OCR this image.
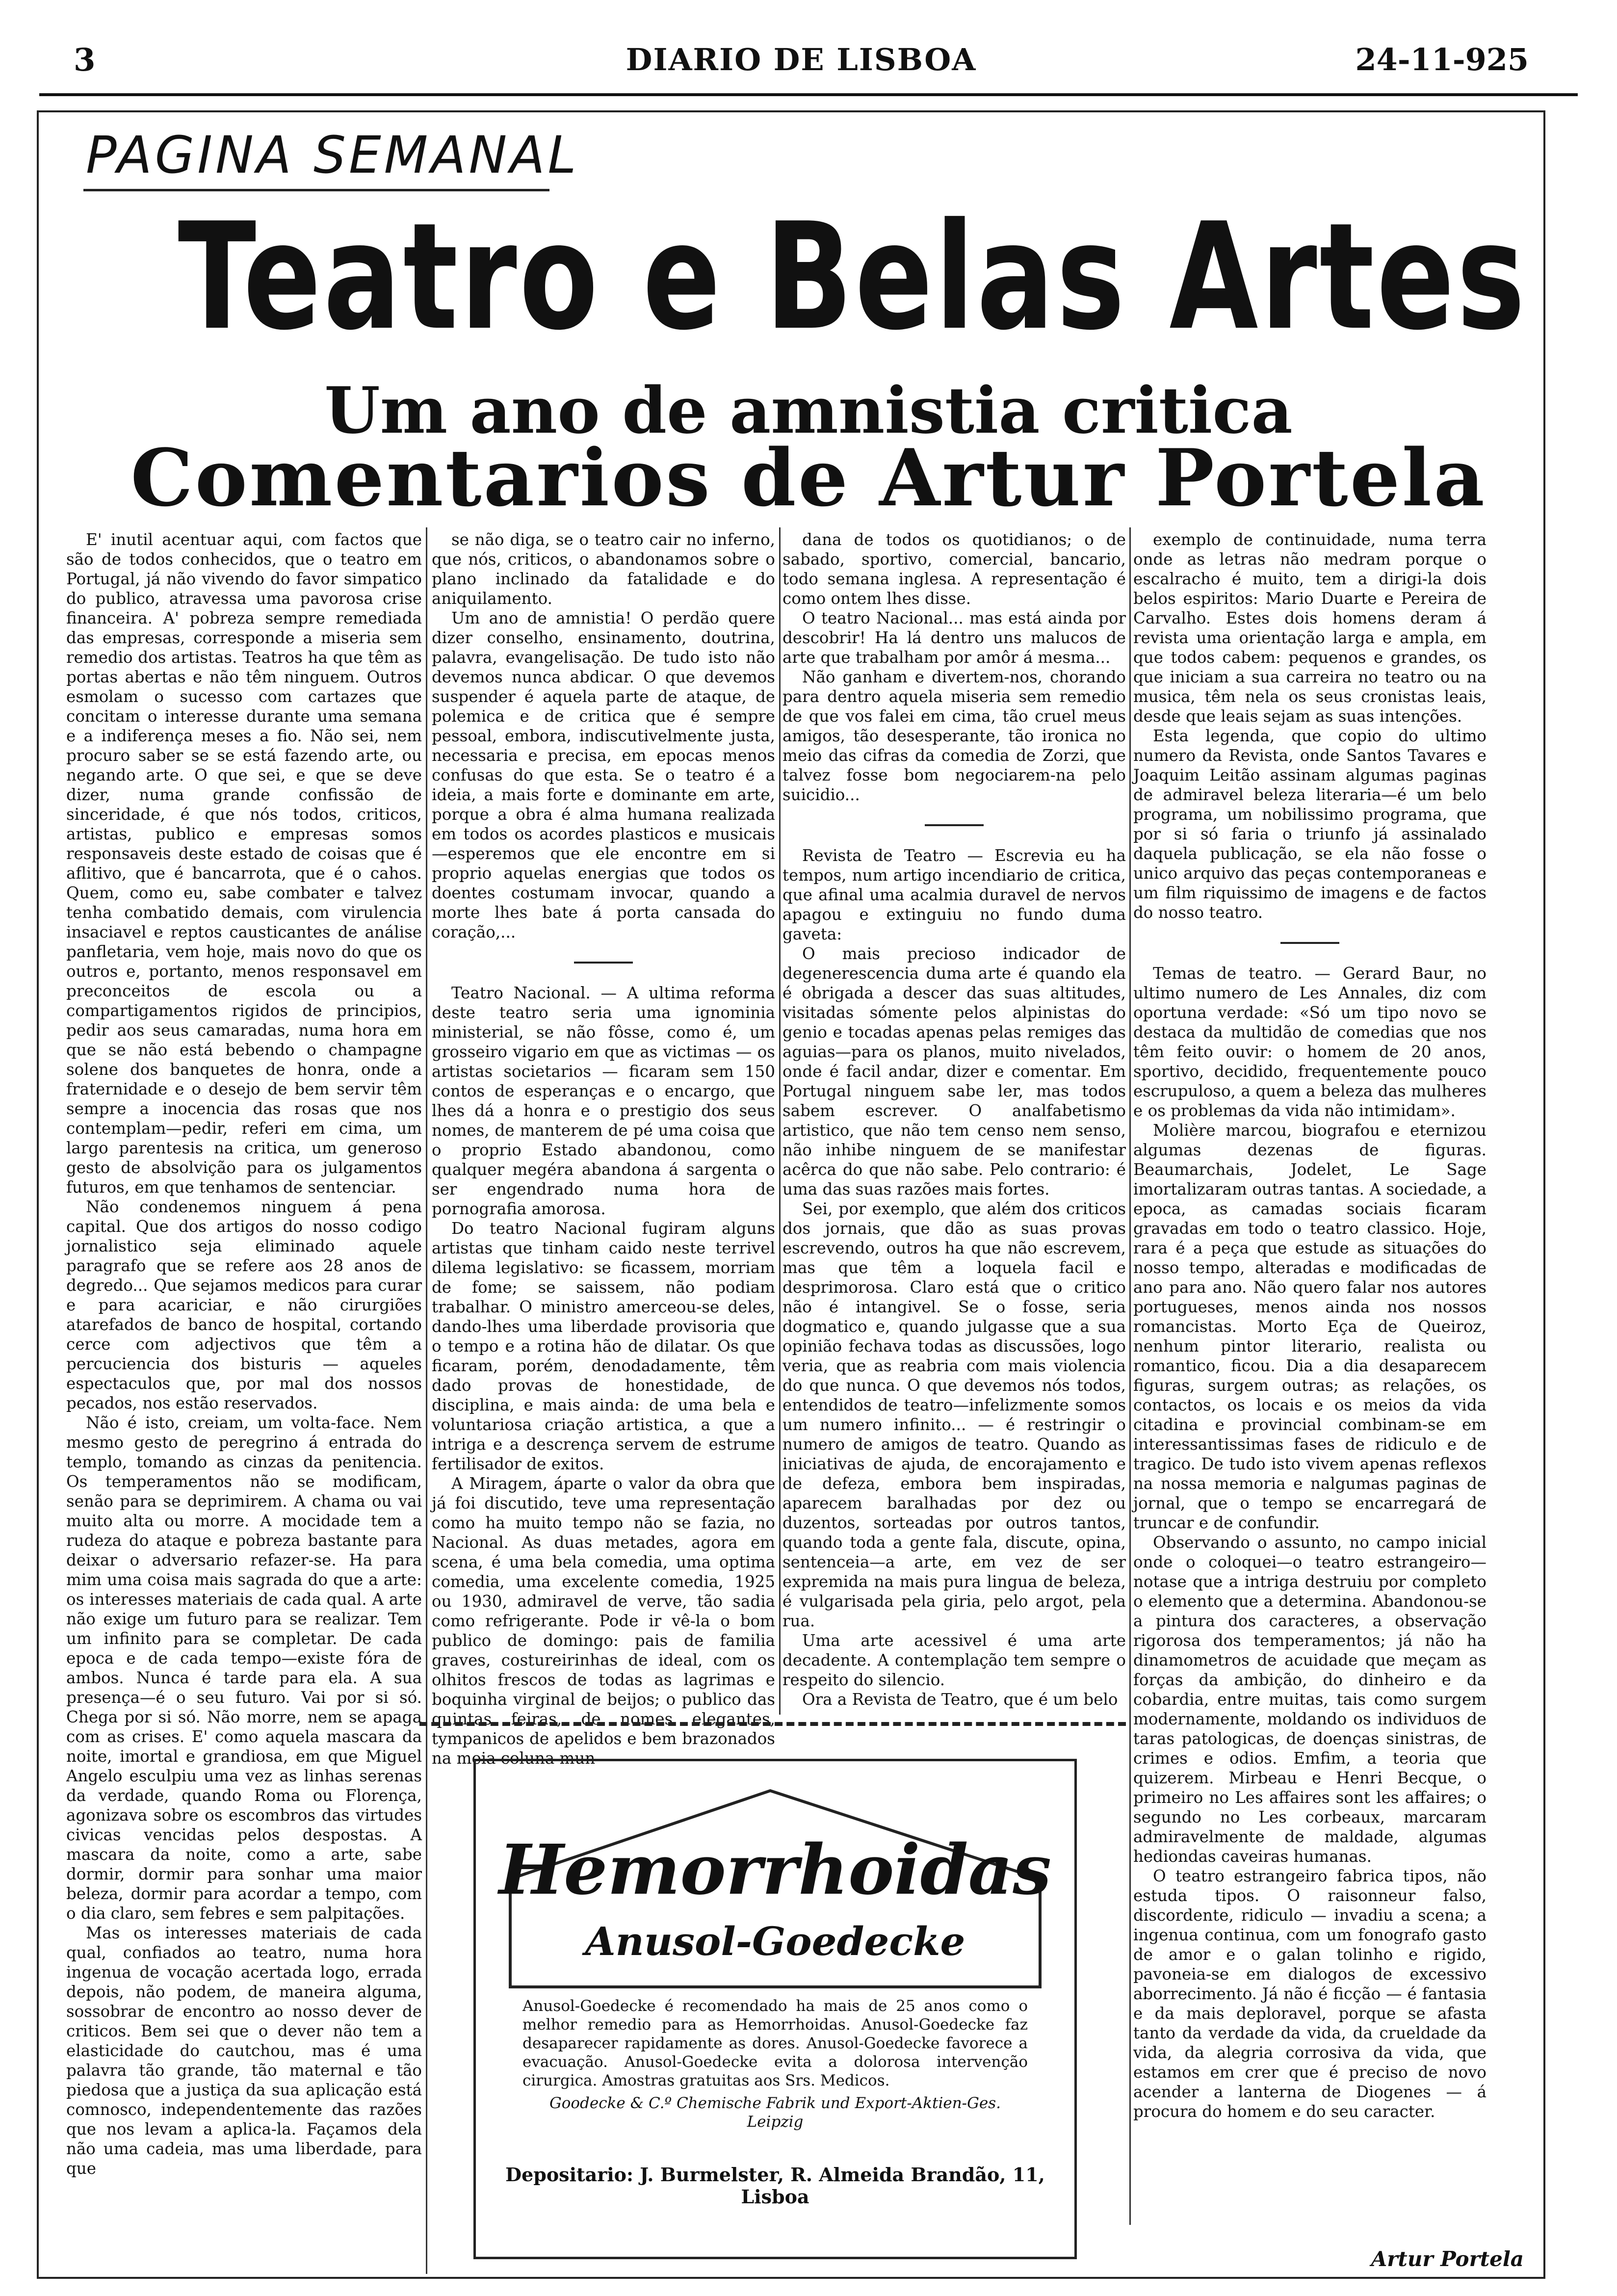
3	DIARIO DE LISBOA	24-11-925
PAGINA SEMANAL
Teatro e Belas Artes
Um ano de amnistia critica
Comentarios de Artur Portela

E' inutil acentuar aqui, com factos que são de todos conhecidos, que o teatro em Portugal, já não vivendo do favor simpatico do publico, atravessa uma pavorosa crise financeira. A' pobreza sempre remediada das empresas, corresponde a miseria sem remedio dos artistas. Teatros ha que têm as portas abertas e não têm ninguem. Outros esmolam o sucesso com cartazes que concitam o interesse durante uma semana e a indiferença meses a fio. Não sei, nem procuro saber se se está fazendo arte, ou negando arte. O que sei, e que se deve dizer, numa grande confissão de sinceridade, é que nós todos, criticos, artistas, publico e empresas somos responsaveis deste estado de coisas que é aflitivo, que é bancarrota, que é o cahos. Quem, como eu, sabe combater e talvez tenha combatido demais, com virulencia insaciavel e reptos causticantes de análise panfletaria, vem hoje, mais novo do que os outros e, portanto, menos responsavel em preconceitos de escola ou a compartigamentos rigidos de principios, pedir aos seus camaradas, numa hora em que se não está bebendo o champagne solene dos banquetes de honra, onde a fraternidade e o desejo de bem servir têm sempre a inocencia das rosas que nos contemplam—pedir, referi em cima, um largo parentesis na critica, um generoso gesto de absolvição para os julgamentos futuros, em que tenhamos de sentenciar.

Não condenemos ninguem á pena capital. Que dos artigos do nosso codigo jornalistico seja eliminado aquele paragrafo que se refere aos 28 anos de degredo... Que sejamos medicos para curar e para acariciar, e não cirurgiões atarefados de banco de hospital, cortando cerce com adjectivos que têm a percuciencia dos bisturis — aqueles espectaculos que, por mal dos nossos pecados, nos estão reservados.

Não é isto, creiam, um volta-face. Nem mesmo gesto de peregrino á entrada do templo, tomando as cinzas da penitencia. Os temperamentos não se modificam, senão para se deprimirem. A chama ou vai muito alta ou morre. A mocidade tem a rudeza do ataque e pobreza bastante para deixar o adversario refazer-se. Ha para mim uma coisa mais sagrada do que a arte: os interesses materiais de cada qual. A arte não exige um futuro para se realizar. Tem um infinito para se completar. De cada epoca e de cada tempo—existe fóra de ambos. Nunca é tarde para ela. A sua presença—é o seu futuro. Vai por si só. Chega por si só. Não morre, nem se apaga com as crises. E' como aquela mascara da noite, imortal e grandiosa, em que Miguel Angelo esculpiu uma vez as linhas serenas da verdade, quando Roma ou Florença, agonizava sobre os escombros das virtudes civicas vencidas pelos despostas. A mascara da noite, como a arte, sabe dormir, dormir para sonhar uma maior beleza, dormir para acordar a tempo, com o dia claro, sem febres e sem palpitações.

Mas os interesses materiais de cada qual, confiados ao teatro, numa hora ingenua de vocação acertada logo, errada depois, não podem, de maneira alguma, sossobrar de encontro ao nosso dever de criticos. Bem sei que o dever não tem a elasticidade do cautchou, mas é uma palavra tão grande, tão maternal e tão piedosa que a justiça da sua aplicação está comnosco, independentemente das razões que nos levam a aplica-la. Façamos dela não uma cadeia, mas uma liberdade, para que

se não diga, se o teatro cair no inferno, que nós, criticos, o abandonamos sobre o plano inclinado da fatalidade e do aniquilamento.

Um ano de amnistia! O perdão quere dizer conselho, ensinamento, doutrina, palavra, evangelisação. De tudo isto não devemos nunca abdicar. O que devemos suspender é aquela parte de ataque, de polemica e de critica que é sempre pessoal, embora, indiscutivelmente justa, necessaria e precisa, em epocas menos confusas do que esta. Se o teatro é a ideia, a mais forte e dominante em arte, porque a obra é alma humana realizada em todos os acordes plasticos e musicais—esperemos que ele encontre em si proprio aquelas energias que todos os doentes costumam invocar, quando a morte lhes bate á porta cansada do coração,...

Teatro Nacional. — A ultima reforma deste teatro seria uma ignominia ministerial, se não fôsse, como é, um grosseiro vigario em que as victimas — os artistas societarios — ficaram sem 150 contos de esperanças e o encargo, que lhes dá a honra e o prestigio dos seus nomes, de manterem de pé uma coisa que o proprio Estado abandonou, como qualquer megéra abandona á sargenta o ser engendrado numa hora de pornografia amorosa.

Do teatro Nacional fugiram alguns artistas que tinham caido neste terrivel dilema legislativo: se ficassem, morriam de fome; se saissem, não podiam trabalhar. O ministro amerceou-se deles, dando-lhes uma liberdade provisoria que o tempo e a rotina hão de dilatar. Os que ficaram, porém, denodadamente, têm dado provas de honestidade, de disciplina, e mais ainda: de uma bela e voluntariosa criação artistica, a que a intriga e a descrença servem de estrume fertilisador de exitos.

A Miragem, áparte o valor da obra que já foi discutido, teve uma representação como ha muito tempo não se fazia, no Nacional. As duas metades, agora em scena, é uma bela comedia, uma optima comedia, uma excelente comedia, 1925 ou 1930, admiravel de verve, tão sadia como refrigerante. Pode ir vê-la o bom publico de domingo: pais de familia graves, costureirinhas de ideal, com os olhitos frescos de todas as lagrimas e boquinha virginal de beijos; o publico das quintas feiras, de nomes elegantes, tympanicos de apelidos e bem brazonados na meia coluna mun-

dana de todos os quotidianos; o de sabado, sportivo, comercial, bancario, todo semana inglesa. A representação é como ontem lhes disse.

O teatro Nacional... mas está ainda por descobrir! Ha lá dentro uns malucos de arte que trabalham por amôr á mesma...

Não ganham e divertem-nos, chorando para dentro aquela miseria sem remedio de que vos falei em cima, tão cruel meus amigos, tão desesperante, tão ironica no meio das cifras da comedia de Zorzi, que talvez fosse bom negociarem-na pelo suicidio...

Revista de Teatro — Escrevia eu ha tempos, num artigo incendiario de critica, que afinal uma acalmia duravel de nervos apagou e extinguiu no fundo duma gaveta:

O mais precioso indicador de degenerescencia duma arte é quando ela é obrigada a descer das suas altitudes, visitadas sómente pelos alpinistas do genio e tocadas apenas pelas remiges das aguias—para os planos, muito nivelados, onde é facil andar, dizer e comentar. Em Portugal ninguem sabe ler, mas todos sabem escrever. O analfabetismo artistico, que não tem censo nem senso, não inhibe ninguem de se manifestar acêrca do que não sabe. Pelo contrario: é uma das suas razões mais fortes.

Sei, por exemplo, que além dos criticos dos jornais, que dão as suas provas escrevendo, outros ha que não escrevem, mas que têm a loquela facil e desprimorosa. Claro está que o critico não é intangivel. Se o fosse, seria dogmatico e, quando julgasse que a sua opinião fechava todas as discussões, logo veria, que as reabria com mais violencia do que nunca. O que devemos nós todos, entendidos de teatro—infelizmente somos um numero infinito... — é restringir o numero de amigos de teatro. Quando as iniciativas de ajuda, de encorajamento e de defeza, embora bem inspiradas, aparecem baralhadas por dez ou duzentos, sorteadas por outros tantos, quando toda a gente fala, discute, opina, sentenceia—a arte, em vez de ser expremida na mais pura lingua de beleza, é vulgarisada pela giria, pelo argot, pela rua.

Uma arte acessivel é uma arte decadente. A contemplação tem sempre o respeito do silencio.

Ora a Revista de Teatro, que é um belo

exemplo de continuidade, numa terra onde as letras não medram porque o escalracho é muito, tem a dirigi-la dois belos espiritos: Mario Duarte e Pereira de Carvalho. Estes dois homens deram á revista uma orientação larga e ampla, em que todos cabem: pequenos e grandes, os que iniciam a sua carreira no teatro ou na musica, têm nela os seus cronistas leais, desde que leais sejam as suas intenções.

Esta legenda, que copio do ultimo numero da Revista, onde Santos Tavares e Joaquim Leitão assinam algumas paginas de admiravel beleza literaria—é um belo programa, um nobilissimo programa, que por si só faria o triunfo já assinalado daquela publicação, se ela não fosse o unico arquivo das peças contemporaneas e um film riquissimo de imagens e de factos do nosso teatro.

Temas de teatro. — Gerard Baur, no ultimo numero de Les Annales, diz com oportuna verdade: «Só um tipo novo se destaca da multidão de comedias que nos têm feito ouvir: o homem de 20 anos, sportivo, decidido, frequentemente pouco escrupuloso, a quem a beleza das mulheres e os problemas da vida não intimidam».

Molière marcou, biografou e eternizou algumas dezenas de figuras. Beaumarchais, Jodelet, Le Sage imortalizaram outras tantas. A sociedade, a epoca, as camadas sociais ficaram gravadas em todo o teatro classico. Hoje, rara é a peça que estude as situações do nosso tempo, alteradas e modificadas de ano para ano. Não quero falar nos autores portugueses, menos ainda nos nossos romancistas. Morto Eça de Queiroz, nenhum pintor literario, realista ou romantico, ficou. Dia a dia desaparecem figuras, surgem outras; as relações, os contactos, os locais e os meios da vida citadina e provincial combinam-se em interessantissimas fases de ridiculo e de tragico. De tudo isto vivem apenas reflexos na nossa memoria e nalgumas paginas de jornal, que o tempo se encarregará de truncar e de confundir.

Observando o assunto, no campo inicial onde o coloquei—o teatro estrangeiro—notase que a intriga destruiu por completo o elemento que a determina. Abandonou-se a pintura dos caracteres, a observação rigorosa dos temperamentos; já não ha dinamometros de acuidade que meçam as forças da ambição, do dinheiro e da cobardia, entre muitas, tais como surgem modernamente, moldando os individuos de taras patologicas, de doenças sinistras, de crimes e odios. Emfim, a teoria que quizerem. Mirbeau e Henri Becque, o primeiro no Les affaires sont les affaires; o segundo no Les corbeaux, marcaram admiravelmente de maldade, algumas hediondas caveiras humanas.

O teatro estrangeiro fabrica tipos, não estuda tipos. O raisonneur falso, discordente, ridiculo — invadiu a scena; a ingenua continua, com um fonografo gasto de amor e o galan tolinho e rigido, pavoneia-se em dialogos de excessivo aborrecimento. Já não é ficção — é fantasia e da mais deploravel, porque se afasta tanto da verdade da vida, da crueldade da vida, da alegria corrosiva da vida, que estamos em crer que é preciso de novo acender a lanterna de Diogenes — á procura do homem e do seu caracter.

Hemorrhoidas
Anusol-Goedecke
Anusol-Goedecke é recomendado ha mais de 25 anos como o melhor remedio para as Hemorrhoidas. Anusol-Goedecke faz desaparecer rapidamente as dores. Anusol-Goedecke favorece a evacuação. Anusol-Goedecke evita a dolorosa intervenção cirurgica. Amostras gratuitas aos Srs. Medicos.
Goodecke & C.º Chemische Fabrik und Export-Aktien-Ges.
Leipzig
Depositario: J. Burmelster, R. Almeida Brandão, 11, Lisboa
Artur Portela
